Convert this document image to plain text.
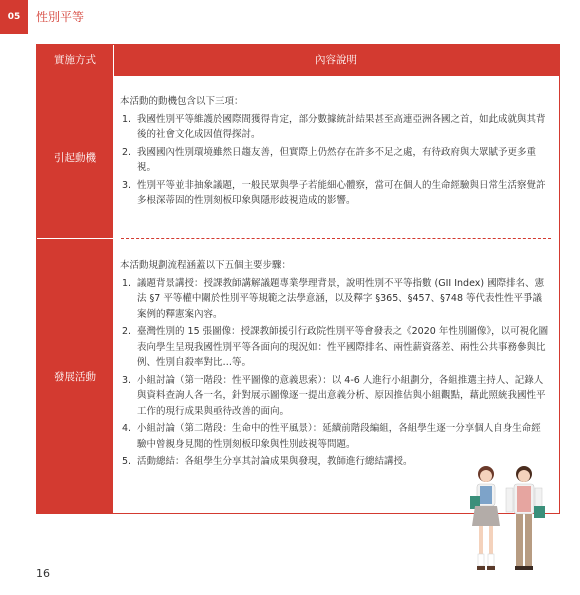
05	性別平等
實施方式	內容說明
引起動機
發展活動
本活動的動機包含以下三項：
1. 我國性別平等維護於國際間獲得肯定，部分數據統計結果甚至高連亞洲各國之首，如此成就與其背後的社會文化成因值得探討。
2. 我國國內性別環境雖然日趨友善，但實際上仍然存在許多不足之處，有待政府與大眾賦予更多重視。
3. 性別平等並非抽象議題，一般民眾與學子若能細心體察，當可在個人的生命經驗與日常生活察覺許多根深蒂固的性別刻板印象與隱形歧視造成的影響。
本活動規劃流程涵蓋以下五個主要步驟：
1. 議題背景講授：授課教師講解議題專業學理背景，說明性別不平等指數 (GII Index) 國際排名、憲法 §7 平等權中關於性別平等規範之法學意涵，以及釋字 §365、§457、§748 等代表性性平爭議案例的釋憲案內容。
2. 臺灣性別的 15 張圖像：授課教師援引行政院性別平等會發表之《2020 年性別圖像》，以可視化圖表向學生呈現我國性別平等各面向的現況如：性平國際排名、兩性薪資落差、兩性公共事務參與比例、性別自殺率對比…等。
3. 小組討論（第一階段：性平圖像的意義思索）：以 4-6 人進行小組劃分，各組推選主持人、記錄人與資料查詢人各一名，針對展示圖像逐一提出意義分析、原因推估與小組觀點，藉此照統我國性平工作的現行成果與亟待改善的面向。
4. 小組討論（第二階段：生命中的性平風景）：延續前階段編組，各組學生逐一分享個人自身生命經驗中曾親身見聞的性別刻板印象與性別歧視等問題。
5. 活動總結：各組學生分享其討論成果與發現，教師進行總結講授。
16
